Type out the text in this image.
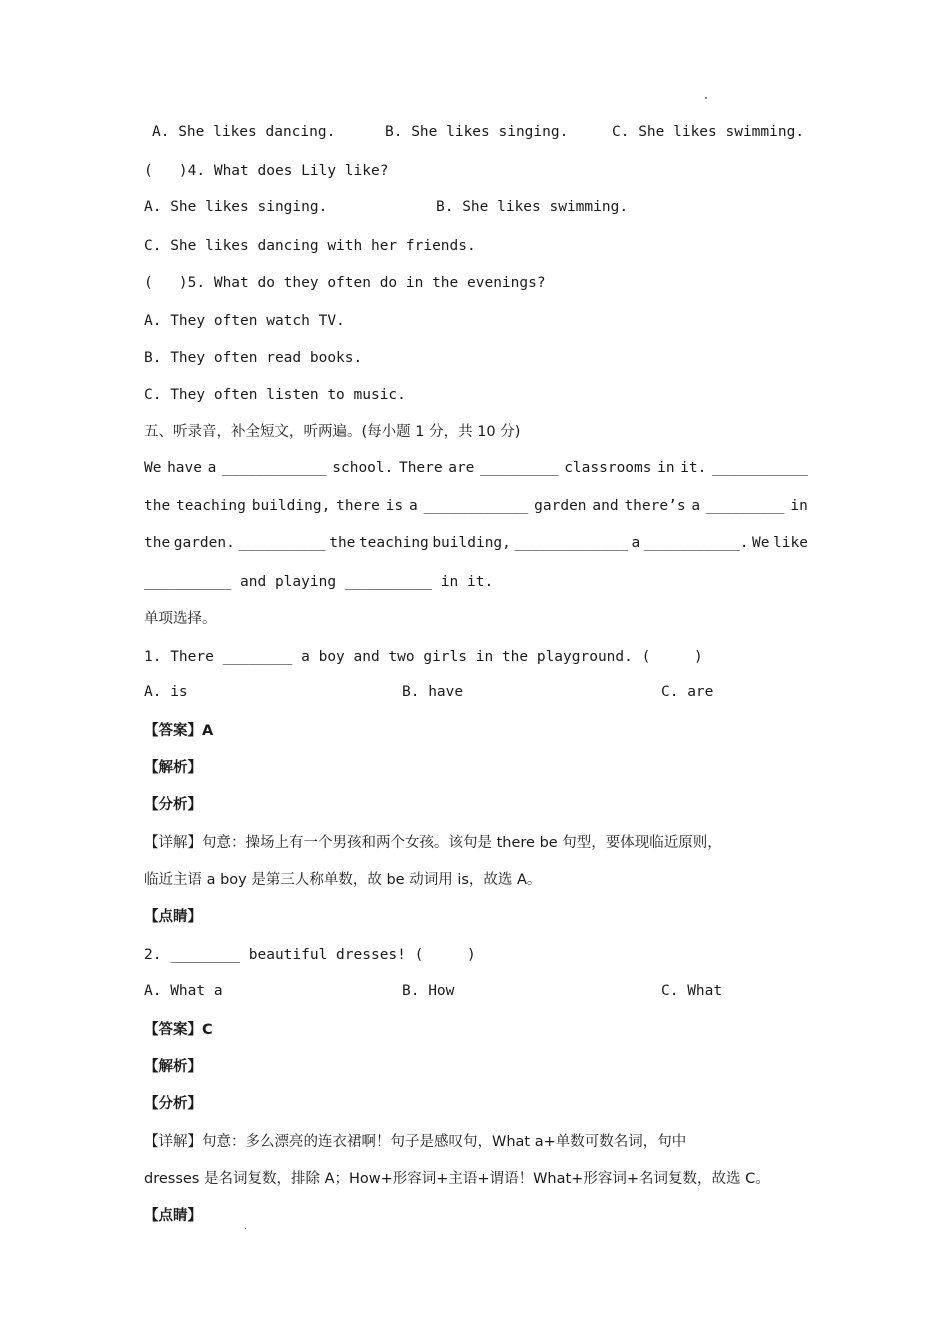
A. She likes dancing.	B. She likes singing.	C. She likes swimming.
(   )4. What does Lily like?
A. She likes singing.	B. She likes swimming.
C. She likes dancing with her friends.
(   )5. What do they often do in the evenings?
A. They often watch TV.
B. They often read books.
C. They often listen to music.
五、听录音，补全短文，听两遍。(每小题 1 分，共 10 分)
We have a ____________ school. There are _________ classrooms in it. ___________
the teaching building, there is a ____________ garden and there’s a _________ in
the garden. __________ the teaching building, _____________ a ___________. We like
__________ and playing __________ in it.
单项选择。
1. There ________ a boy and two girls in the playground. (     )
A. is	B. have	C. are
【答案】A
【解析】
【分析】
【详解】句意：操场上有一个男孩和两个女孩。该句是 there be 句型，要体现临近原则，
临近主语 a boy 是第三人称单数，故 be 动词用 is，故选 A。
【点睛】
2. ________ beautiful dresses! (     )
A. What a	B. How	C. What
【答案】C
【解析】
【分析】
【详解】句意：多么漂亮的连衣裙啊！句子是感叹句，What a+单数可数名词，句中
dresses 是名词复数，排除 A；How+形容词+主语+谓语！What+形容词+名词复数，故选 C。
【点睛】
